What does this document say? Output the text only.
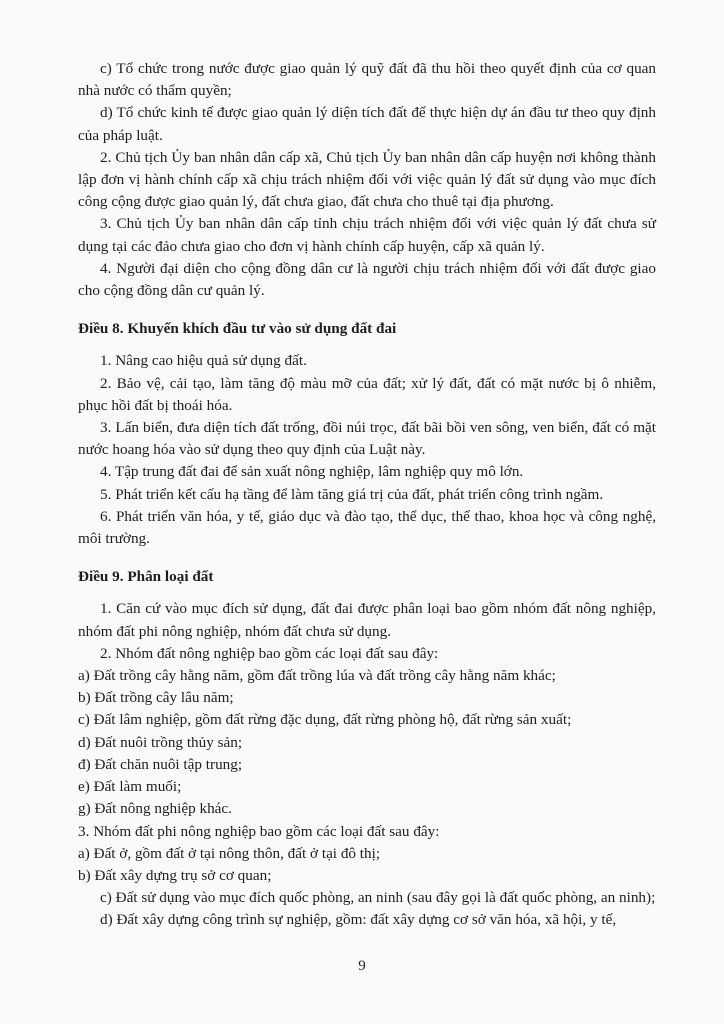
c) Tổ chức trong nước được giao quản lý quỹ đất đã thu hồi theo quyết định của cơ quan nhà nước có thẩm quyền;

d) Tổ chức kinh tế được giao quản lý diện tích đất để thực hiện dự án đầu tư theo quy định của pháp luật.

2. Chủ tịch Ủy ban nhân dân cấp xã, Chủ tịch Ủy ban nhân dân cấp huyện nơi không thành lập đơn vị hành chính cấp xã chịu trách nhiệm đối với việc quản lý đất sử dụng vào mục đích công cộng được giao quản lý, đất chưa giao, đất chưa cho thuê tại địa phương.

3. Chủ tịch Ủy ban nhân dân cấp tỉnh chịu trách nhiệm đối với việc quản lý đất chưa sử dụng tại các đảo chưa giao cho đơn vị hành chính cấp huyện, cấp xã quản lý.

4. Người đại diện cho cộng đồng dân cư là người chịu trách nhiệm đối với đất được giao cho cộng đồng dân cư quản lý.

Điều 8. Khuyến khích đầu tư vào sử dụng đất đai

1. Nâng cao hiệu quả sử dụng đất.

2. Bảo vệ, cải tạo, làm tăng độ màu mỡ của đất; xử lý đất, đất có mặt nước bị ô nhiễm, phục hồi đất bị thoái hóa.

3. Lấn biển, đưa diện tích đất trống, đồi núi trọc, đất bãi bồi ven sông, ven biển, đất có mặt nước hoang hóa vào sử dụng theo quy định của Luật này.

4. Tập trung đất đai để sản xuất nông nghiệp, lâm nghiệp quy mô lớn.

5. Phát triển kết cấu hạ tầng để làm tăng giá trị của đất, phát triển công trình ngầm.

6. Phát triển văn hóa, y tế, giáo dục và đào tạo, thể dục, thể thao, khoa học và công nghệ, môi trường.

Điều 9. Phân loại đất

1. Căn cứ vào mục đích sử dụng, đất đai được phân loại bao gồm nhóm đất nông nghiệp, nhóm đất phi nông nghiệp, nhóm đất chưa sử dụng.

2. Nhóm đất nông nghiệp bao gồm các loại đất sau đây:

a) Đất trồng cây hằng năm, gồm đất trồng lúa và đất trồng cây hằng năm khác;

b) Đất trồng cây lâu năm;

c) Đất lâm nghiệp, gồm đất rừng đặc dụng, đất rừng phòng hộ, đất rừng sản xuất;

d) Đất nuôi trồng thủy sản;

đ) Đất chăn nuôi tập trung;

e) Đất làm muối;

g) Đất nông nghiệp khác.

3. Nhóm đất phi nông nghiệp bao gồm các loại đất sau đây:

a) Đất ở, gồm đất ở tại nông thôn, đất ở tại đô thị;

b) Đất xây dựng trụ sở cơ quan;

c) Đất sử dụng vào mục đích quốc phòng, an ninh (sau đây gọi là đất quốc phòng, an ninh);

d) Đất xây dựng công trình sự nghiệp, gồm: đất xây dựng cơ sở văn hóa, xã hội, y tế,

9
